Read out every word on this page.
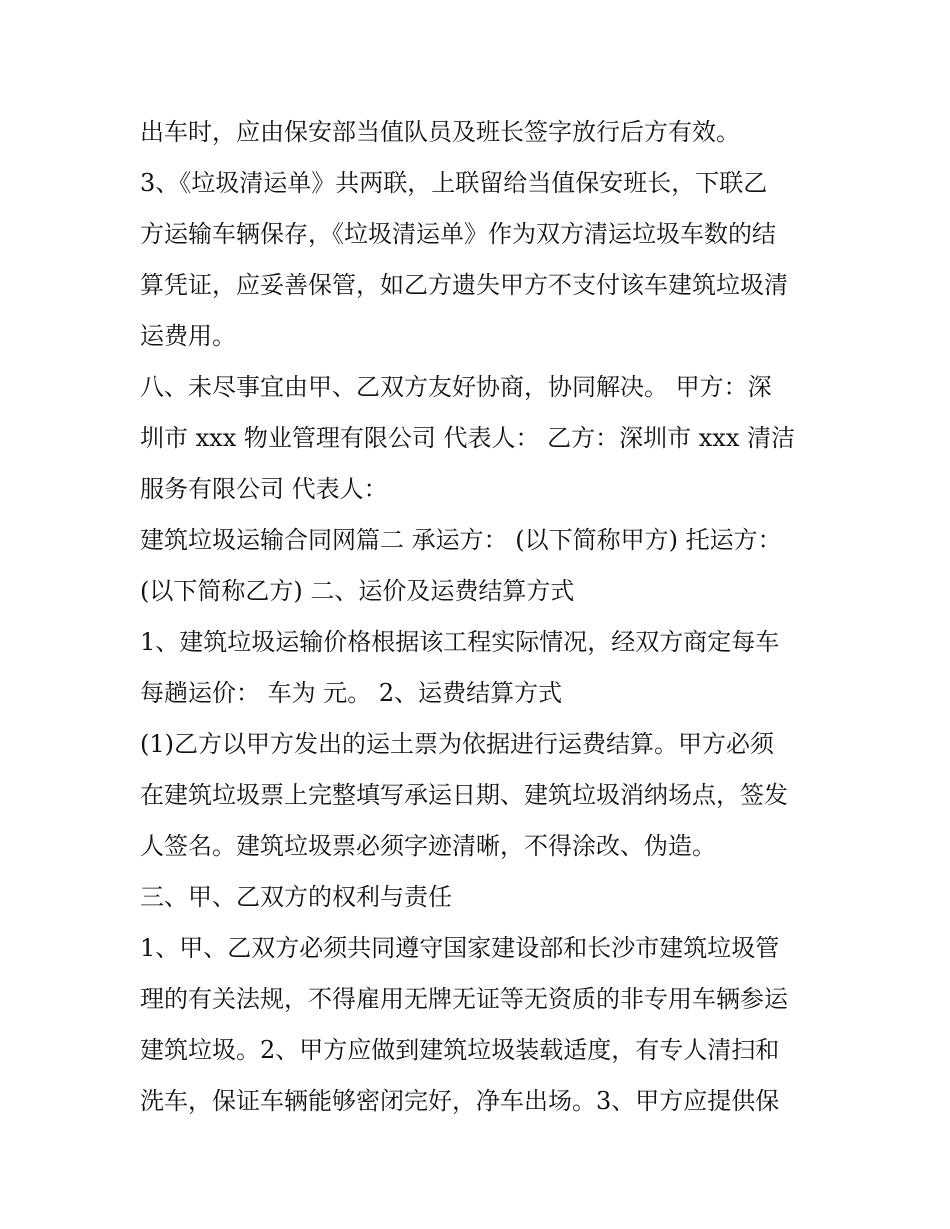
出车时，应由保安部当值队员及班长签字放行后方有效。

3、《垃圾清运单》共两联，上联留给当值保安班长，下联乙

方运输车辆保存，《垃圾清运单》作为双方清运垃圾车数的结

算凭证，应妥善保管，如乙方遗失甲方不支付该车建筑垃圾清

运费用。

八、未尽事宜由甲、乙双方友好协商，协同解决。 甲方：深

圳市 xxx 物业管理有限公司 代表人： 乙方：深圳市 xxx 清洁

服务有限公司 代表人：

建筑垃圾运输合同网篇二 承运方： (以下简称甲方) 托运方：

(以下简称乙方) 二、运价及运费结算方式

1、建筑垃圾运输价格根据该工程实际情况，经双方商定每车

每趟运价： 车为 元。 2、运费结算方式

(1)乙方以甲方发出的运土票为依据进行运费结算。甲方必须

在建筑垃圾票上完整填写承运日期、建筑垃圾消纳场点，签发

人签名。建筑垃圾票必须字迹清晰，不得涂改、伪造。

三、甲、乙双方的权利与责任

1、甲、乙双方必须共同遵守国家建设部和长沙市建筑垃圾管

理的有关法规，不得雇用无牌无证等无资质的非专用车辆参运

建筑垃圾。2、甲方应做到建筑垃圾装载适度，有专人清扫和

洗车，保证车辆能够密闭完好，净车出场。3、甲方应提供保
